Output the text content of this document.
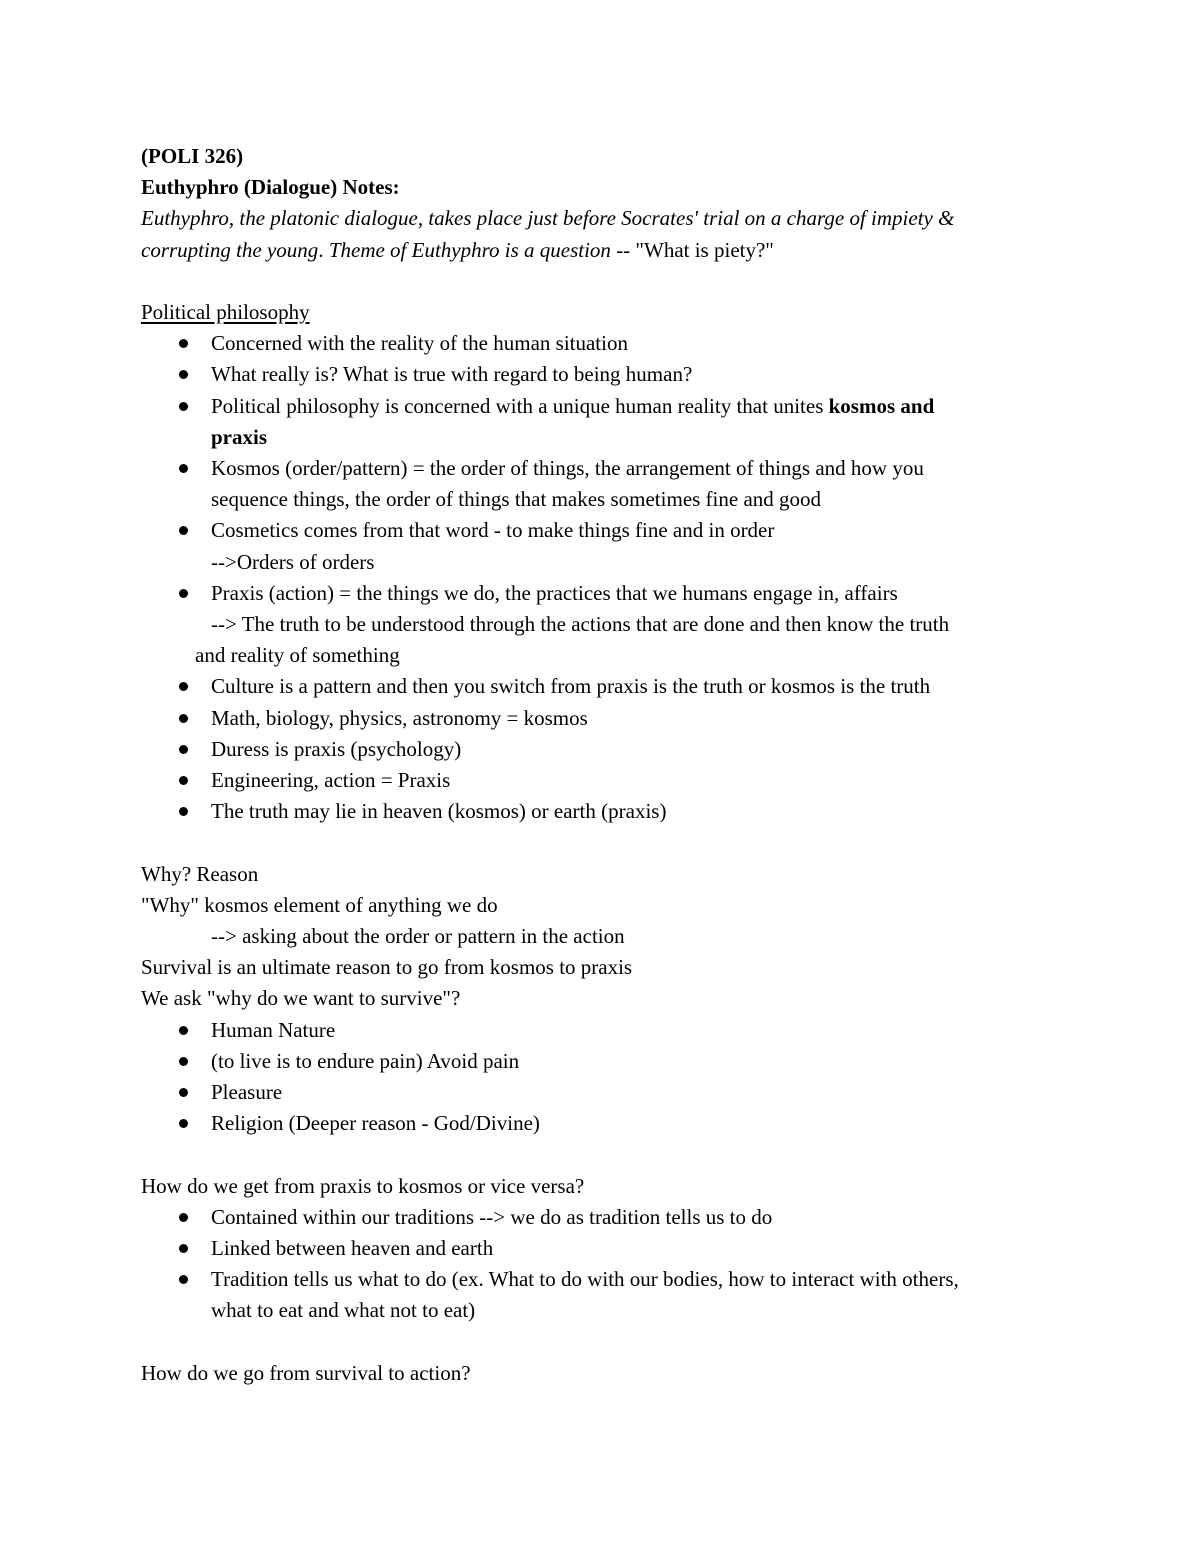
(POLI 326)

Euthyphro (Dialogue) Notes:

Euthyphro, the platonic dialogue, takes place just before Socrates' trial on a charge of impiety &

corrupting the young. Theme of Euthyphro is a question -- "What is piety?"

Political philosophy

Concerned with the reality of the human situation
What really is? What is true with regard to being human?
Political philosophy is concerned with a unique human reality that unites kosmos and
praxis
Kosmos (order/pattern) = the order of things, the arrangement of things and how you
sequence things, the order of things that makes sometimes fine and good
Cosmetics comes from that word - to make things fine and in order
-->Orders of orders
Praxis (action) = the things we do, the practices that we humans engage in, affairs

--> The truth to be understood through the actions that are done and then know the truth

and reality of something

Culture is a pattern and then you switch from praxis is the truth or kosmos is the truth
Math, biology, physics, astronomy = kosmos
Duress is praxis (psychology)
Engineering, action = Praxis
The truth may lie in heaven (kosmos) or earth (praxis)

Why? Reason

"Why" kosmos element of anything we do

--> asking about the order or pattern in the action

Survival is an ultimate reason to go from kosmos to praxis

We ask "why do we want to survive"?

Human Nature
(to live is to endure pain) Avoid pain
Pleasure
Religion (Deeper reason - God/Divine)

How do we get from praxis to kosmos or vice versa?

Contained within our traditions --> we do as tradition tells us to do
Linked between heaven and earth
Tradition tells us what to do (ex. What to do with our bodies, how to interact with others,
what to eat and what not to eat)

How do we go from survival to action?
